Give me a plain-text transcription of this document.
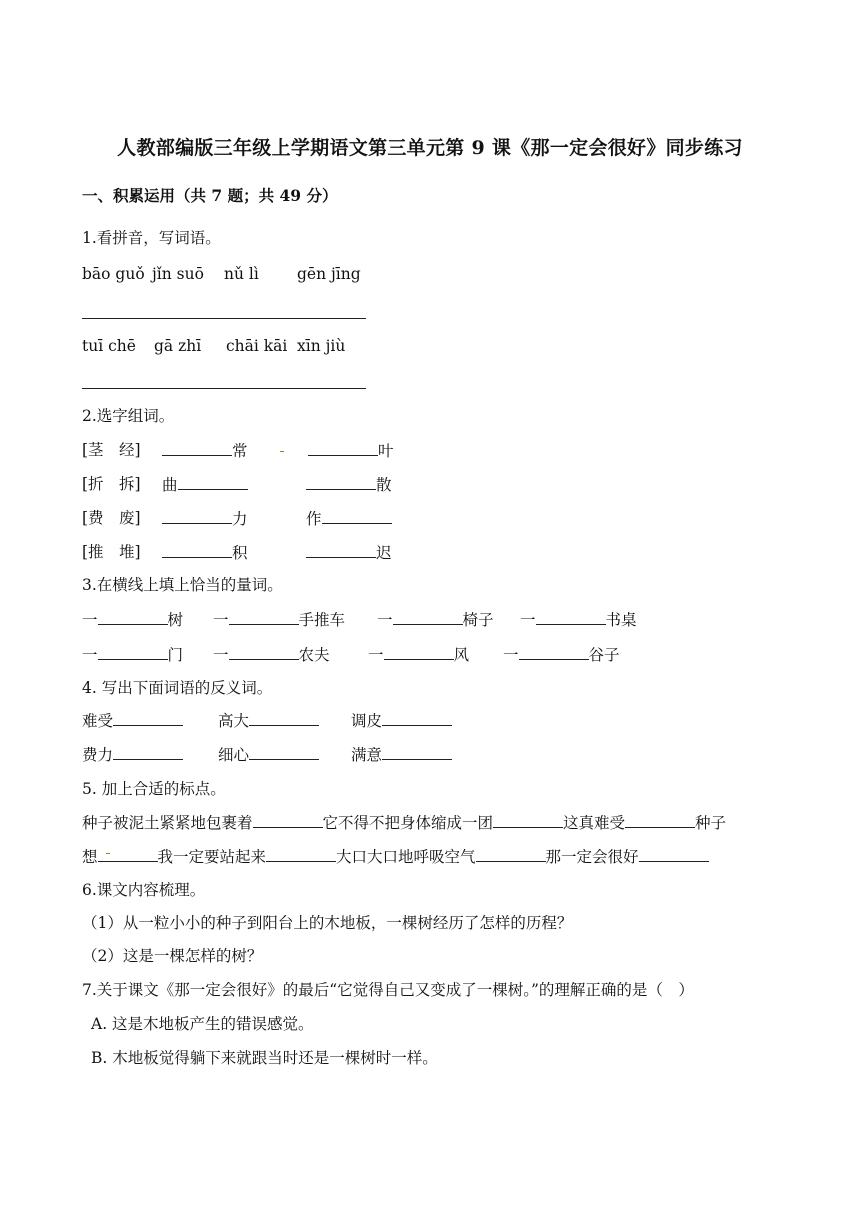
人教部编版三年级上学期语文第三单元第 9 课《那一定会很好》同步练习
一、积累运用（共 7 题；共 49 分）
1.看拼音，写词语。
bāo guǒ jǐn suō nǔ lì gēn jīng
tuī chē gā zhī chāi kāi xīn jiù
2.选字组词。
[茎　经]	常	叶
[折　拆] 曲	散
[费　废]	力	作
[推　堆]	积	迟
3.在横线上填上恰当的量词。
一	树 一	手推车 一	椅子 一	书桌
一	门 一	农夫 一	风 一	谷子
4. 写出下面词语的反义词。
难受	高大	调皮
费力	细心	满意
5. 加上合适的标点。
种子被泥土紧紧地包裹着	它不得不把身体缩成一团	这真难受	种子
想	我一定要站起来	大口大口地呼吸空气	那一定会很好
6.课文内容梳理。
（1）从一粒小小的种子到阳台上的木地板，一棵树经历了怎样的历程？
（2）这是一棵怎样的树？
7.关于课文《那一定会很好》的最后“它觉得自己又变成了一棵树。”的理解正确的是（　）
A. 这是木地板产生的错误感觉。
B. 木地板觉得躺下来就跟当时还是一棵树时一样。
